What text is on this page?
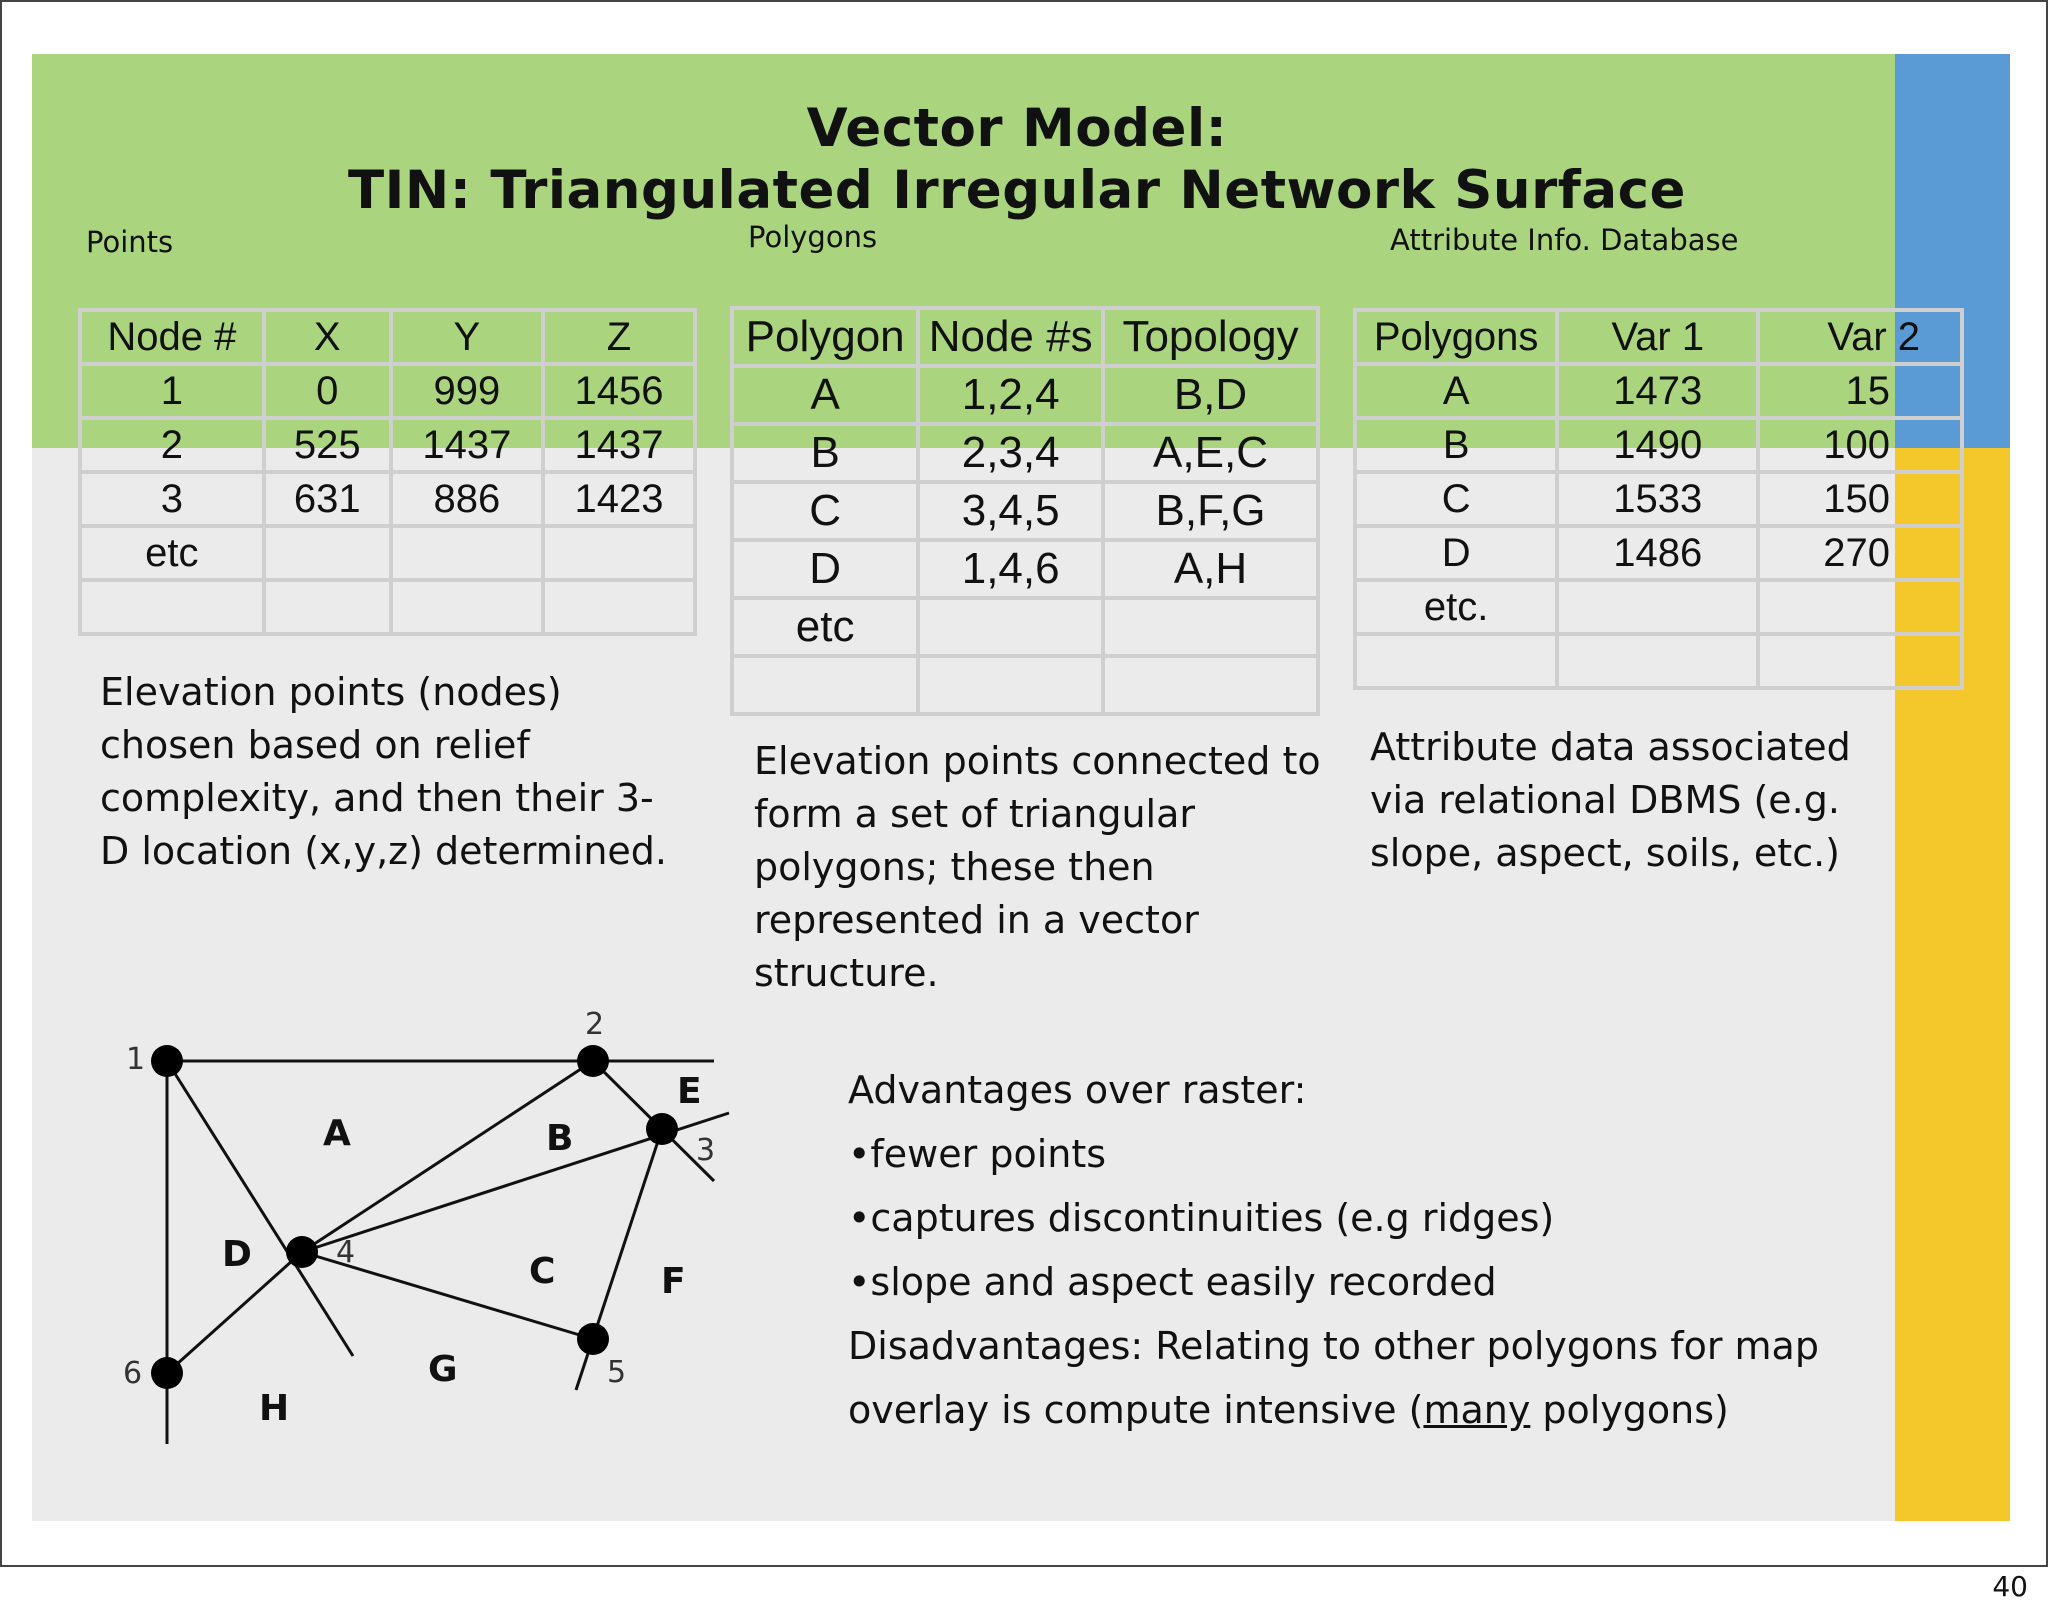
Vector Model:
TIN: Triangulated Irregular Network Surface
Points	Polygons	Attribute Info. Database
Node #	X	Y	Z
1	0	999	1456
2	525	1437	1437
3	631	886	1423
etc			

Polygon	Node #s	Topology
A	1,2,4	B,D
B	2,3,4	A,E,C
C	3,4,5	B,F,G
D	1,4,6	A,H
etc		

Polygons	Var 1	Var 2
A	1473	15
B	1490	100
C	1533	150
D	1486	270
etc.		

Elevation points (nodes)
chosen based on relief
complexity, and then their 3-
D location (x,y,z) determined.
Elevation points connected to
form a set of triangular
polygons; these then
represented in a vector
structure.
Attribute data associated
via relational DBMS (e.g.
slope, aspect, soils, etc.)
Advantages over raster:
•fewer points
•captures discontinuities (e.g ridges)
•slope and aspect easily recorded
Disadvantages: Relating to other polygons for map
overlay is compute intensive (many polygons)
1
2
3
4
5
6
A	B
C
D
E
F
G
H
40
